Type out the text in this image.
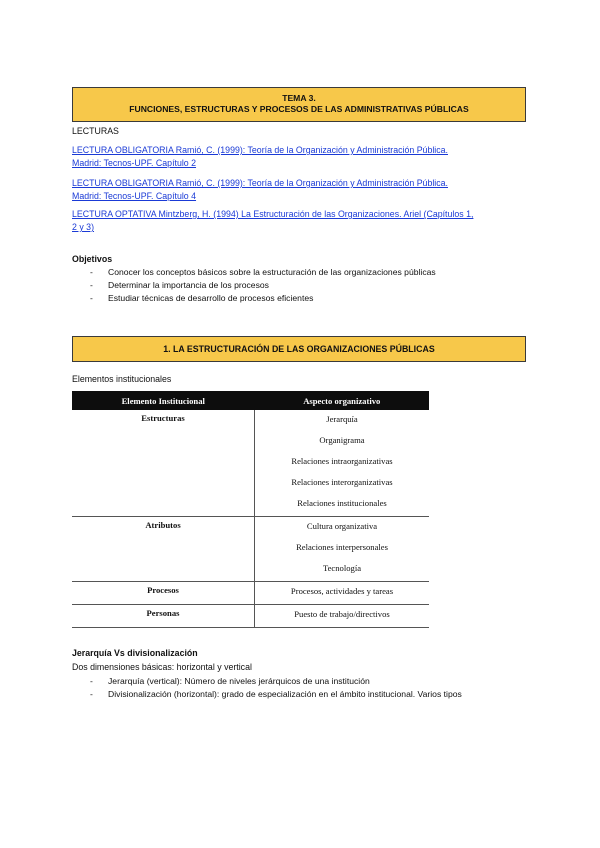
TEMA 3.
FUNCIONES, ESTRUCTURAS Y PROCESOS DE LAS ADMINISTRATIVAS PÚBLICAS
LECTURAS
LECTURA OBLIGATORIA Ramió, C. (1999): Teoría de la Organización y Administración Pública.
Madrid: Tecnos-UPF. Capítulo 2
LECTURA OBLIGATORIA Ramió, C. (1999): Teoría de la Organización y Administración Pública.
Madrid: Tecnos-UPF. Capítulo 4
LECTURA OPTATIVA Mintzberg, H. (1994) La Estructuración de las Organizaciones. Ariel (Capítulos 1,
2 y 3)
Objetivos
- Conocer los conceptos básicos sobre la estructuración de las organizaciones públicas
- Determinar la importancia de los procesos
- Estudiar técnicas de desarrollo de procesos eficientes
1. LA ESTRUCTURACIÓN DE LAS ORGANIZACIONES PÚBLICAS
Elementos institucionales
Elemento Institucional	Aspecto organizativo
Estructuras	Jerarquía
Organigrama
Relaciones intraorganizativas
Relaciones interorganizativas
Relaciones institucionales

Atributos	Cultura organizativa
Relaciones interpersonales
Tecnología

Procesos	Procesos, actividades y tareas

Personas	Puesto de trabajo/directivos
Jerarquía Vs divisionalización
Dos dimensiones básicas: horizontal y vertical
- Jerarquía (vertical): Número de niveles jerárquicos de una institución
- Divisionalización (horizontal): grado de especialización en el ámbito institucional. Varios tipos
